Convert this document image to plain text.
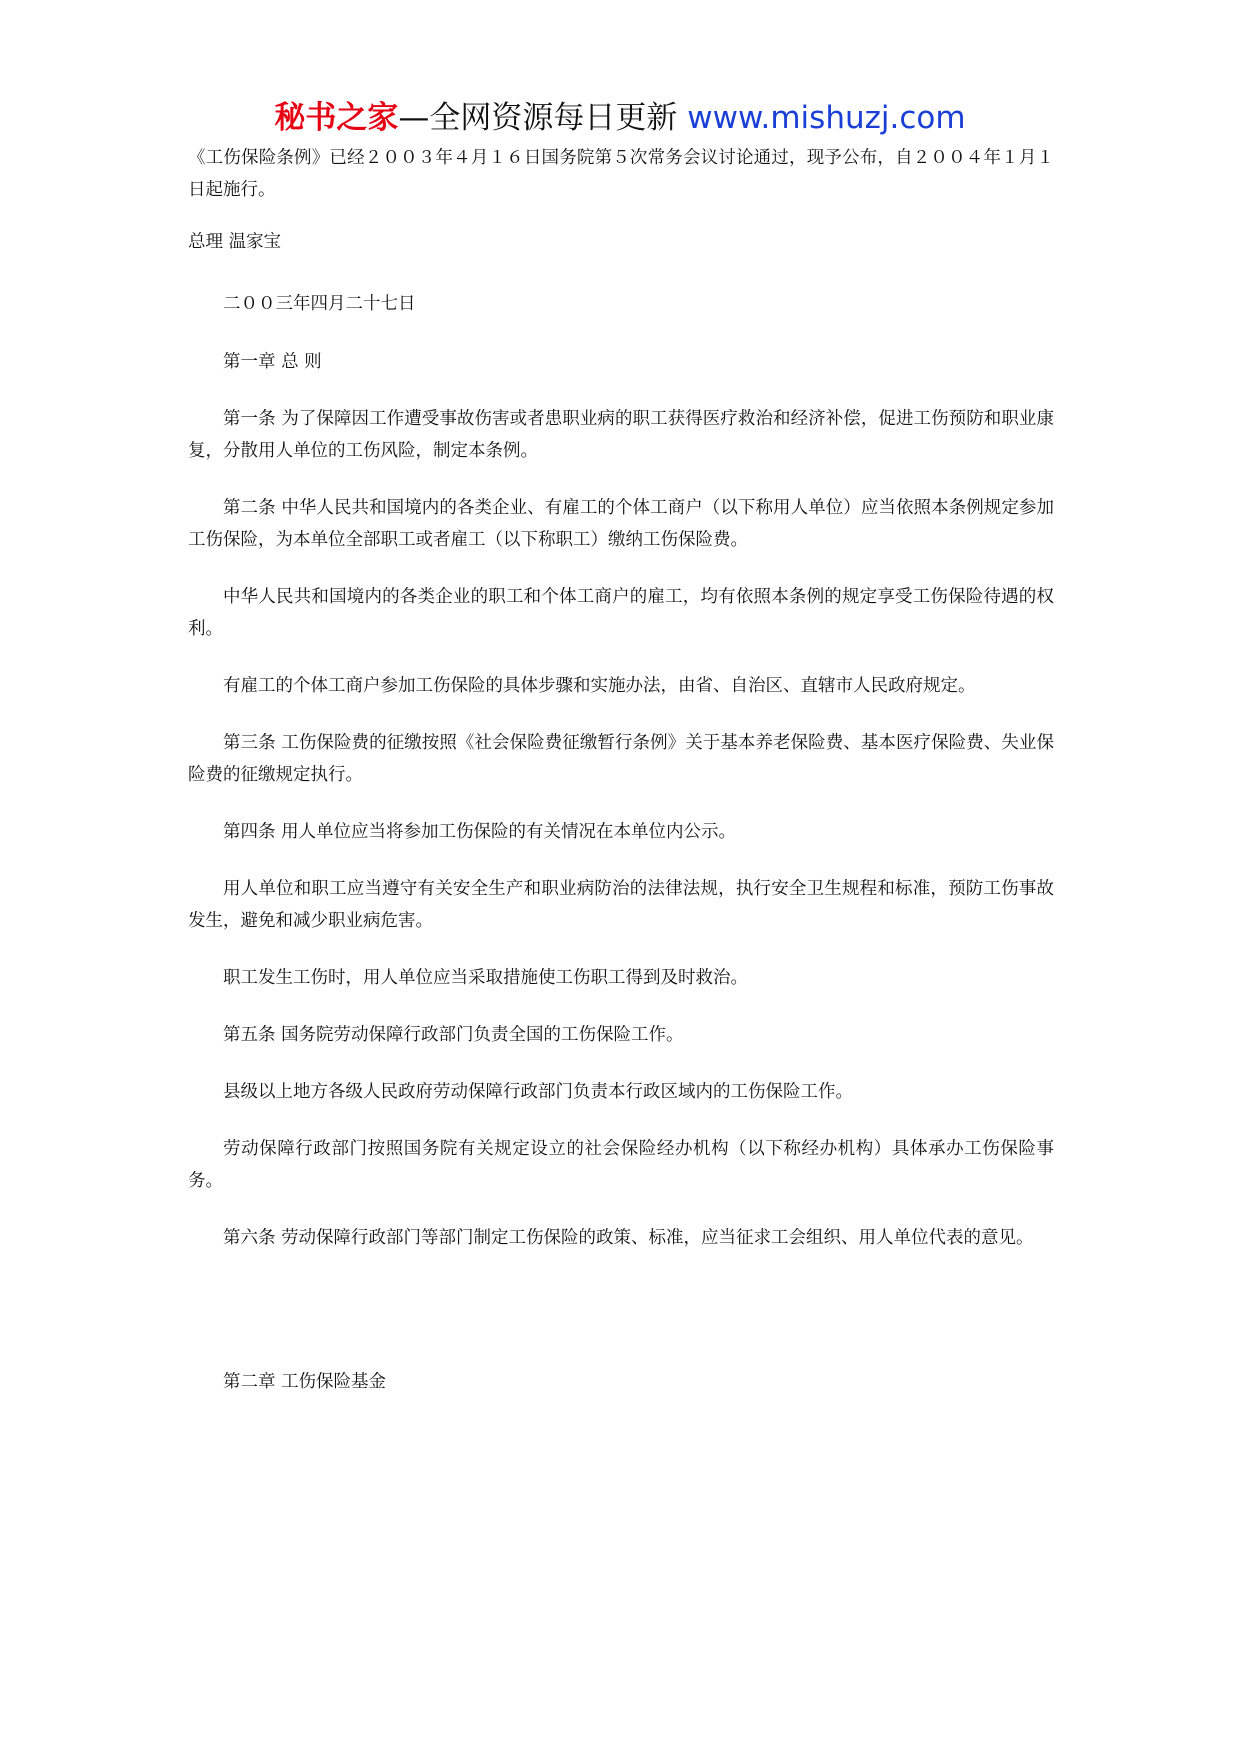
秘书之家—全网资源每日更新 www.mishuzj.com

《工伤保险条例》已经２００３年４月１６日国务院第５次常务会议讨论通过，现予公布，自２００４年１月１日起施行。

总理 温家宝

二００三年四月二十七日

第一章 总 则

第一条 为了保障因工作遭受事故伤害或者患职业病的职工获得医疗救治和经济补偿，促进工伤预防和职业康复，分散用人单位的工伤风险，制定本条例。

第二条 中华人民共和国境内的各类企业、有雇工的个体工商户（以下称用人单位）应当依照本条例规定参加工伤保险，为本单位全部职工或者雇工（以下称职工）缴纳工伤保险费。

中华人民共和国境内的各类企业的职工和个体工商户的雇工，均有依照本条例的规定享受工伤保险待遇的权利。

有雇工的个体工商户参加工伤保险的具体步骤和实施办法，由省、自治区、直辖市人民政府规定。

第三条 工伤保险费的征缴按照《社会保险费征缴暂行条例》关于基本养老保险费、基本医疗保险费、失业保险费的征缴规定执行。

第四条 用人单位应当将参加工伤保险的有关情况在本单位内公示。

用人单位和职工应当遵守有关安全生产和职业病防治的法律法规，执行安全卫生规程和标准，预防工伤事故发生，避免和减少职业病危害。

职工发生工伤时，用人单位应当采取措施使工伤职工得到及时救治。

第五条 国务院劳动保障行政部门负责全国的工伤保险工作。

县级以上地方各级人民政府劳动保障行政部门负责本行政区域内的工伤保险工作。

劳动保障行政部门按照国务院有关规定设立的社会保险经办机构（以下称经办机构）具体承办工伤保险事务。

第六条 劳动保障行政部门等部门制定工伤保险的政策、标准，应当征求工会组织、用人单位代表的意见。

第二章 工伤保险基金
